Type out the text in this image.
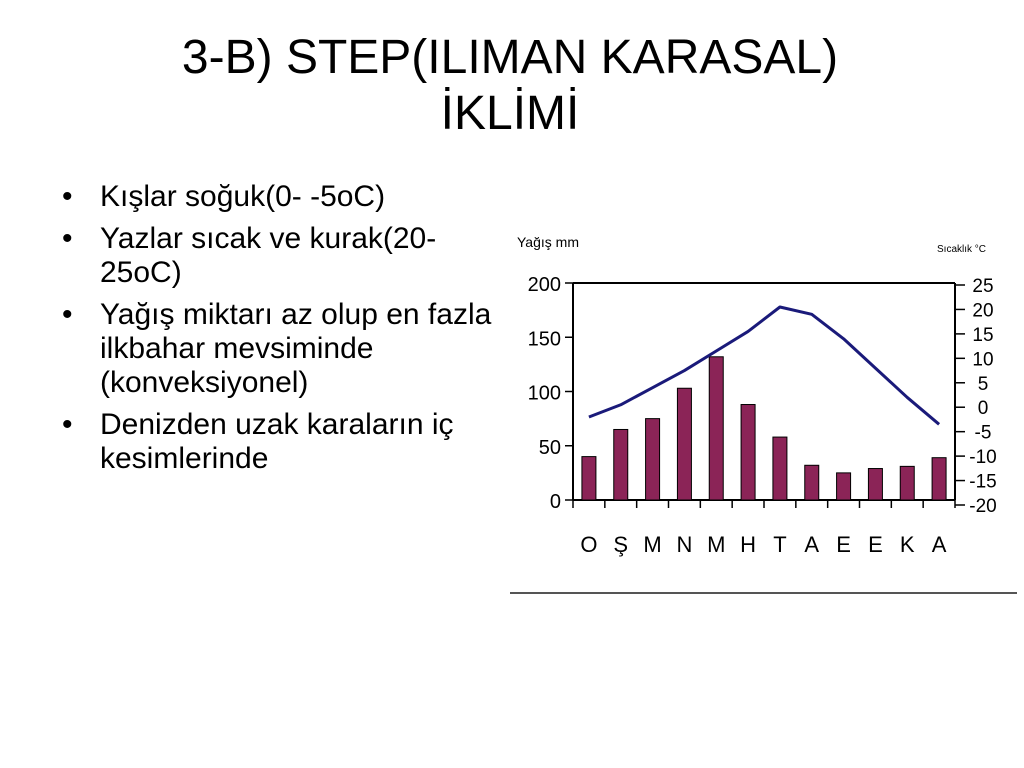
3-B) STEP(ILIMAN KARASAL)
İKLİMİ
• Kışlar soğuk(0- -5oC)
• Yazlar sıcak ve kurak(20-25oC)
• Yağış miktarı az olup en fazla ilkbahar mevsiminde (konveksiyonel)
• Denizden uzak karaların iç kesimlerinde
Yağış mm	Sıcaklık °C
0
50
100
150
200
-20
-15
-10
-5
0
5
10
15
20
25
O Ş M N M H T A E E K A
